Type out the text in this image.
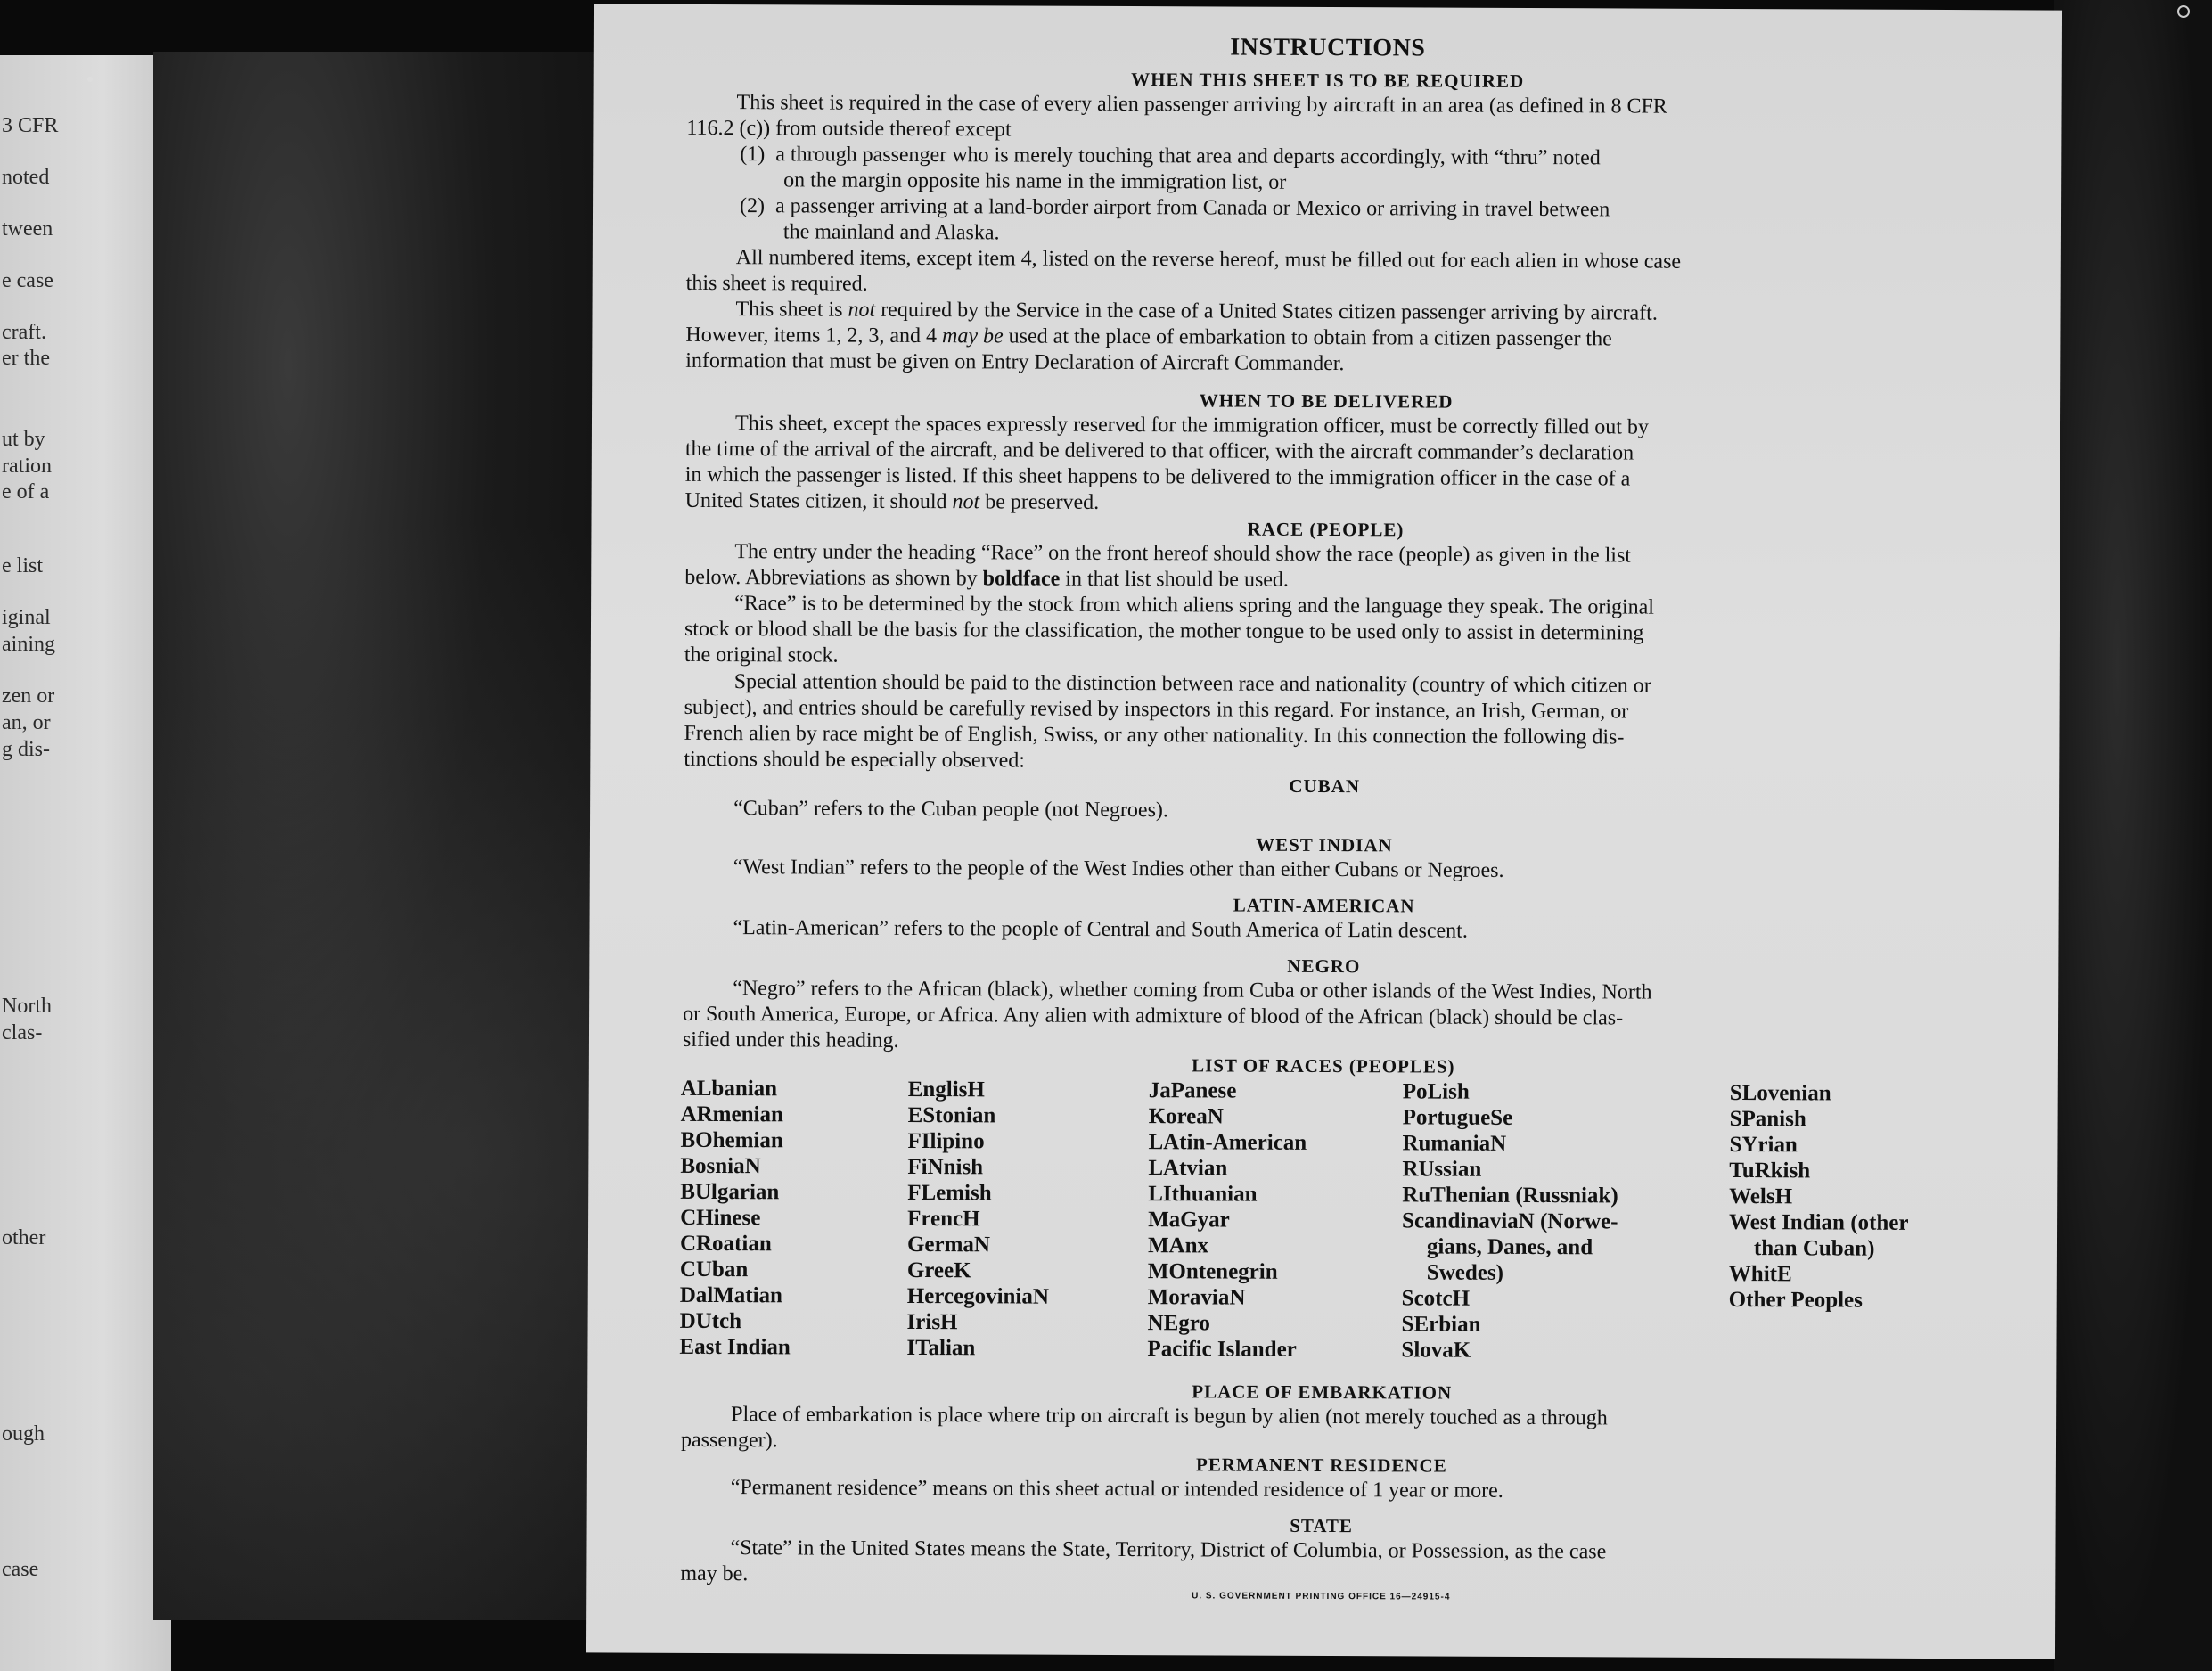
3 CFR
noted
tween
e case
craft.
er the
ut by
ration
e of a
e list
iginal
aining
zen or
an, or
g dis-
North
clas-
other
ough
case
INSTRUCTIONS
WHEN THIS SHEET IS TO BE REQUIRED
This sheet is required in the case of every alien passenger arriving by aircraft in an area (as defined in 8 CFR
116.2 (c)) from outside thereof except
(1) a through passenger who is merely touching that area and departs accordingly, with “thru” noted
on the margin opposite his name in the immigration list, or
(2) a passenger arriving at a land-border airport from Canada or Mexico or arriving in travel between
the mainland and Alaska.
All numbered items, except item 4, listed on the reverse hereof, must be filled out for each alien in whose case
this sheet is required.
This sheet is not required by the Service in the case of a United States citizen passenger arriving by aircraft.
However, items 1, 2, 3, and 4 may be used at the place of embarkation to obtain from a citizen passenger the
information that must be given on Entry Declaration of Aircraft Commander.
WHEN TO BE DELIVERED
This sheet, except the spaces expressly reserved for the immigration officer, must be correctly filled out by
the time of the arrival of the aircraft, and be delivered to that officer, with the aircraft commander’s declaration
in which the passenger is listed. If this sheet happens to be delivered to the immigration officer in the case of a
United States citizen, it should not be preserved.
RACE (PEOPLE)
The entry under the heading “Race” on the front hereof should show the race (people) as given in the list
below. Abbreviations as shown by boldface in that list should be used.
“Race” is to be determined by the stock from which aliens spring and the language they speak. The original
stock or blood shall be the basis for the classification, the mother tongue to be used only to assist in determining
the original stock.
Special attention should be paid to the distinction between race and nationality (country of which citizen or
subject), and entries should be carefully revised by inspectors in this regard. For instance, an Irish, German, or
French alien by race might be of English, Swiss, or any other nationality. In this connection the following dis-
tinctions should be especially observed:
CUBAN
“Cuban” refers to the Cuban people (not Negroes).
WEST INDIAN
“West Indian” refers to the people of the West Indies other than either Cubans or Negroes.
LATIN-AMERICAN
“Latin-American” refers to the people of Central and South America of Latin descent.
NEGRO
“Negro” refers to the African (black), whether coming from Cuba or other islands of the West Indies, North
or South America, Europe, or Africa. Any alien with admixture of blood of the African (black) should be clas-
sified under this heading.
LIST OF RACES (PEOPLES)
ALbanian
ARmenian
BOhemian
BosniaN
BUlgarian
CHinese
CRoatian
CUban
DalMatian
DUtch
East Indian
EnglisH
EStonian
FIlipino
FiNnish
FLemish
FrencH
GermaN
GreeK
HercegoviniaN
IrisH
ITalian
JaPanese
KoreaN
LAtin-American
LAtvian
LIthuanian
MaGyar
MAnx
MOntenegrin
MoraviaN
NEgro
Pacific Islander
PoLish
PortugueSe
RumaniaN
RUssian
RuThenian (Russniak)
ScandinaviaN (Norwe-
gians, Danes, and
Swedes)
ScotcH
SErbian
SlovaK
SLovenian
SPanish
SYrian
TuRkish
WelsH
West Indian (other
than Cuban)
WhitE
Other Peoples
PLACE OF EMBARKATION
Place of embarkation is place where trip on aircraft is begun by alien (not merely touched as a through
passenger).
PERMANENT RESIDENCE
“Permanent residence” means on this sheet actual or intended residence of 1 year or more.
STATE
“State” in the United States means the State, Territory, District of Columbia, or Possession, as the case
may be.
U. S. GOVERNMENT PRINTING OFFICE 16—24915-4
